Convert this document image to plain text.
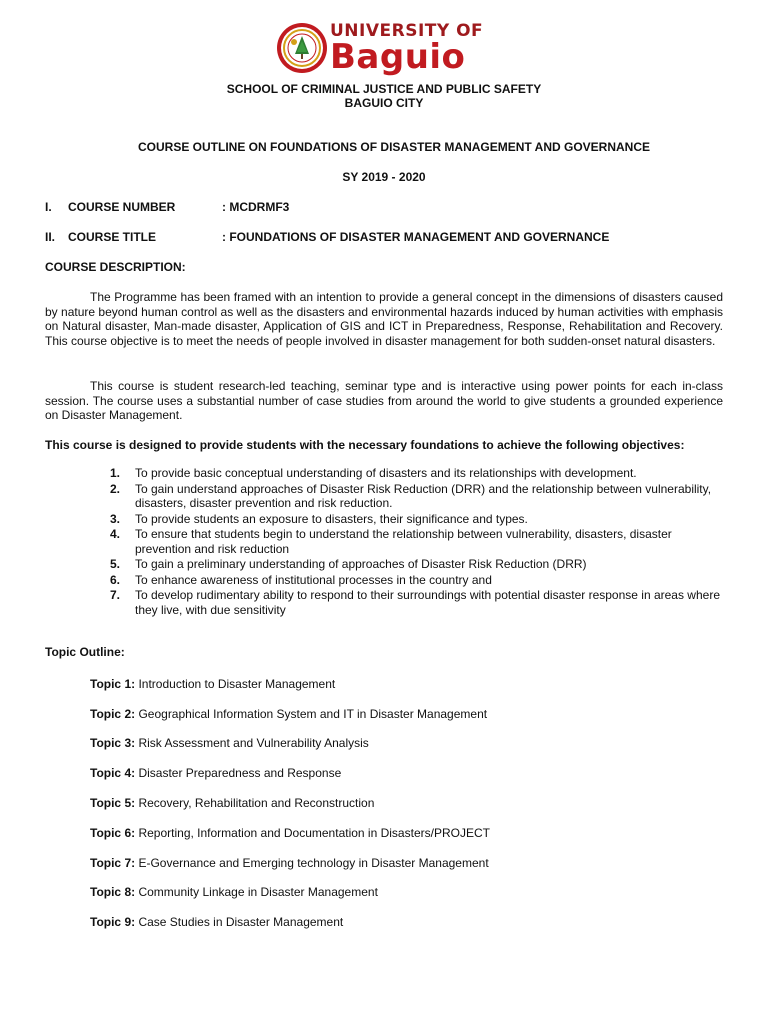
UNIVERSITY OF
Baguio
SCHOOL OF CRIMINAL JUSTICE AND PUBLIC SAFETY
BAGUIO CITY
COURSE OUTLINE ON FOUNDATIONS OF DISASTER MANAGEMENT AND GOVERNANCE
SY 2019 - 2020
I. COURSE NUMBER	: MCDRMF3
II. COURSE TITLE	: FOUNDATIONS OF DISASTER MANAGEMENT AND GOVERNANCE
COURSE DESCRIPTION:
The Programme has been framed with an intention to provide a general concept in the dimensions of disasters caused by nature beyond human control as well as the disasters and environmental hazards induced by human activities with emphasis on Natural disaster, Man-made disaster, Application of GIS and ICT in Preparedness, Response, Rehabilitation and Recovery. This course objective is to meet the needs of people involved in disaster management for both sudden-onset natural disasters.
This course is student research-led teaching, seminar type and is interactive using power points for each in-class session. The course uses a substantial number of case studies from around the world to give students a grounded experience on Disaster Management.
This course is designed to provide students with the necessary foundations to achieve the following objectives:
1.	To provide basic conceptual understanding of disasters and its relationships with development.
2.	To gain understand approaches of Disaster Risk Reduction (DRR) and the relationship between vulnerability, disasters, disaster prevention and risk reduction.
3.	To provide students an exposure to disasters, their significance and types.
4.	To ensure that students begin to understand the relationship between vulnerability, disasters, disaster prevention and risk reduction
5.	To gain a preliminary understanding of approaches of Disaster Risk Reduction (DRR)
6.	To enhance awareness of institutional processes in the country and
7.	To develop rudimentary ability to respond to their surroundings with potential disaster response in areas where they live, with due sensitivity
Topic Outline:
Topic 1: Introduction to Disaster Management
Topic 2: Geographical Information System and IT in Disaster Management
Topic 3: Risk Assessment and Vulnerability Analysis
Topic 4: Disaster Preparedness and Response
Topic 5: Recovery, Rehabilitation and Reconstruction
Topic 6: Reporting, Information and Documentation in Disasters/PROJECT
Topic 7: E-Governance and Emerging technology in Disaster Management
Topic 8: Community Linkage in Disaster Management
Topic 9: Case Studies in Disaster Management
